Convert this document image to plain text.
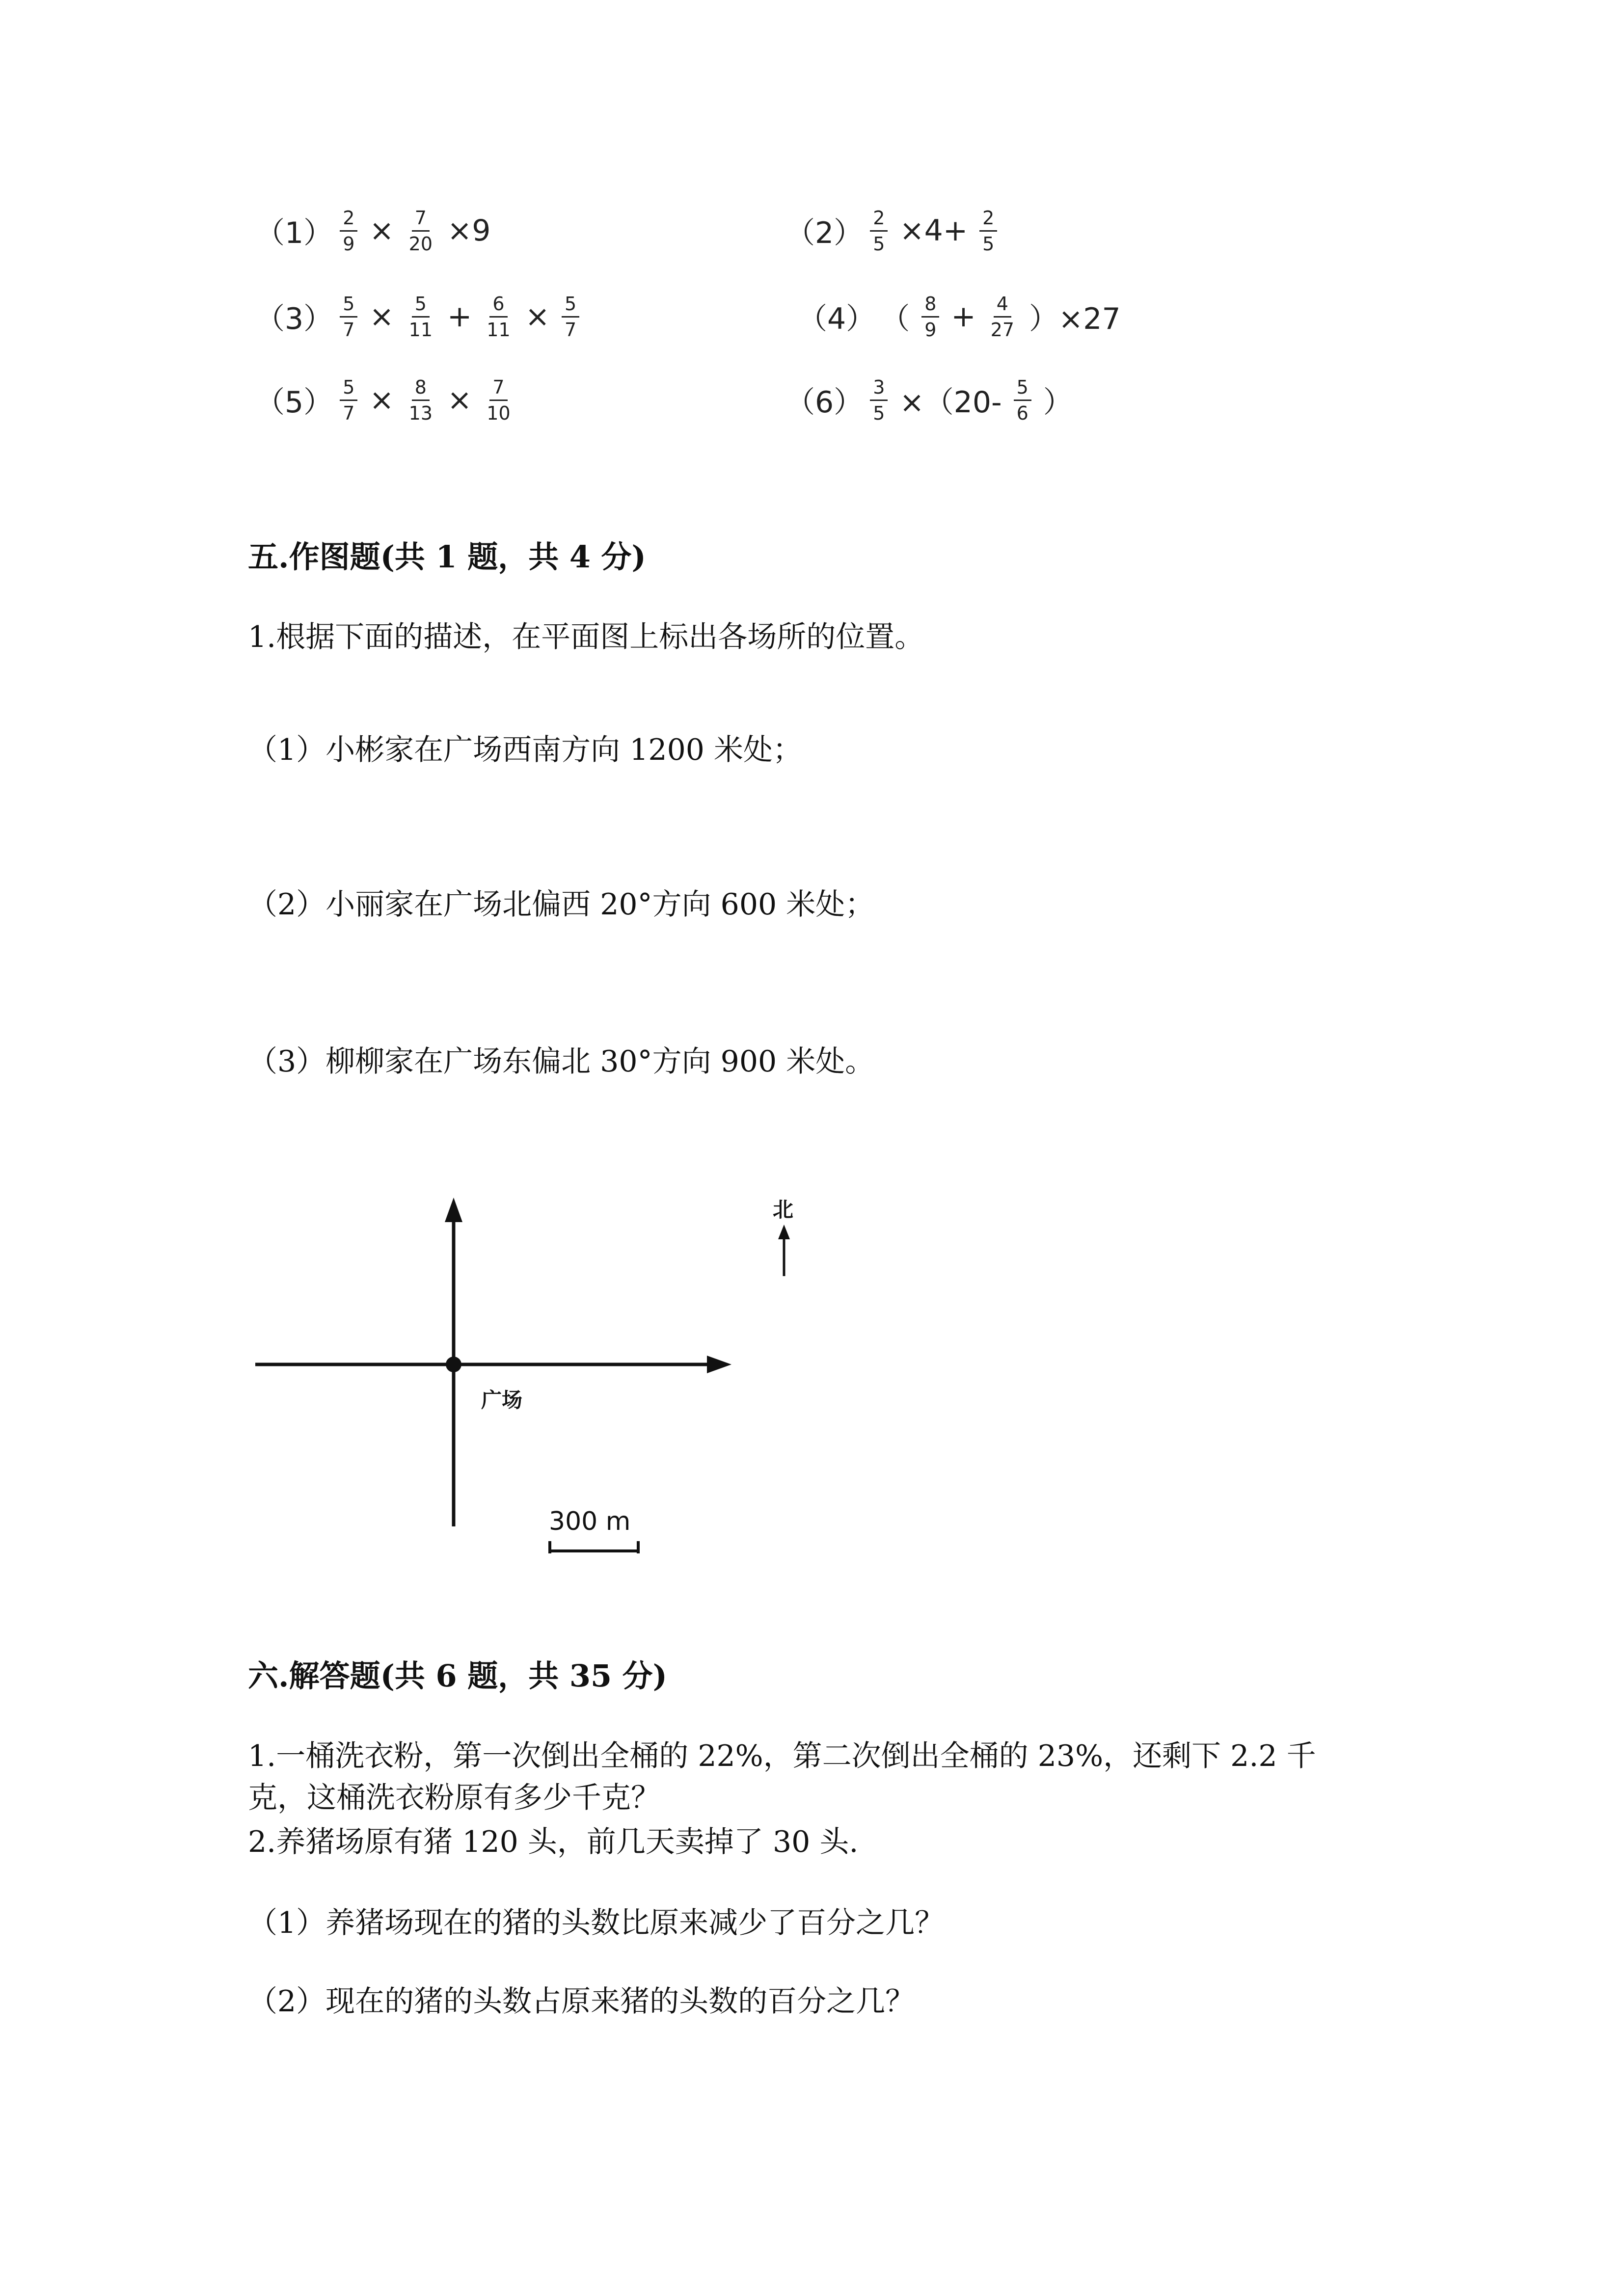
$(1) \frac{2}{9} \times \frac{7}{20} \times 9$	$(2) \frac{2}{5} \times 4+ \frac{2}{5}$
$(3) \frac{5}{7} \times \frac{5}{11} + \frac{6}{11} \times \frac{5}{7}$	（4） （ $\frac{8}{9} + \frac{4}{27} )\times 27$
$(5) \frac{5}{7} \times \frac{8}{13} \times \frac{7}{10}$	$(6) \frac{3}{5} \times(20- \frac{5}{6}$ ）
五.作图题(共 1 题，共 4 分)
1.根据下面的描述，在平面图上标出各场所的位置。
（1）小彬家在广场西南方向 1200 米处；
（2）小丽家在广场北偏西 20°方向 600 米处；
（3）柳柳家在广场东偏北 30°方向 900 米处。
北
广场
300 m
六.解答题(共 6 题，共 35 分)
1.一桶洗衣粉，第一次倒出全桶的 22%，第二次倒出全桶的 23%，还剩下 2.2 千
克，这桶洗衣粉原有多少千克？
2.养猪场原有猪 120 头，前几天卖掉了 30 头.
（1）养猪场现在的猪的头数比原来减少了百分之几？
（2）现在的猪的头数占原来猪的头数的百分之几？
